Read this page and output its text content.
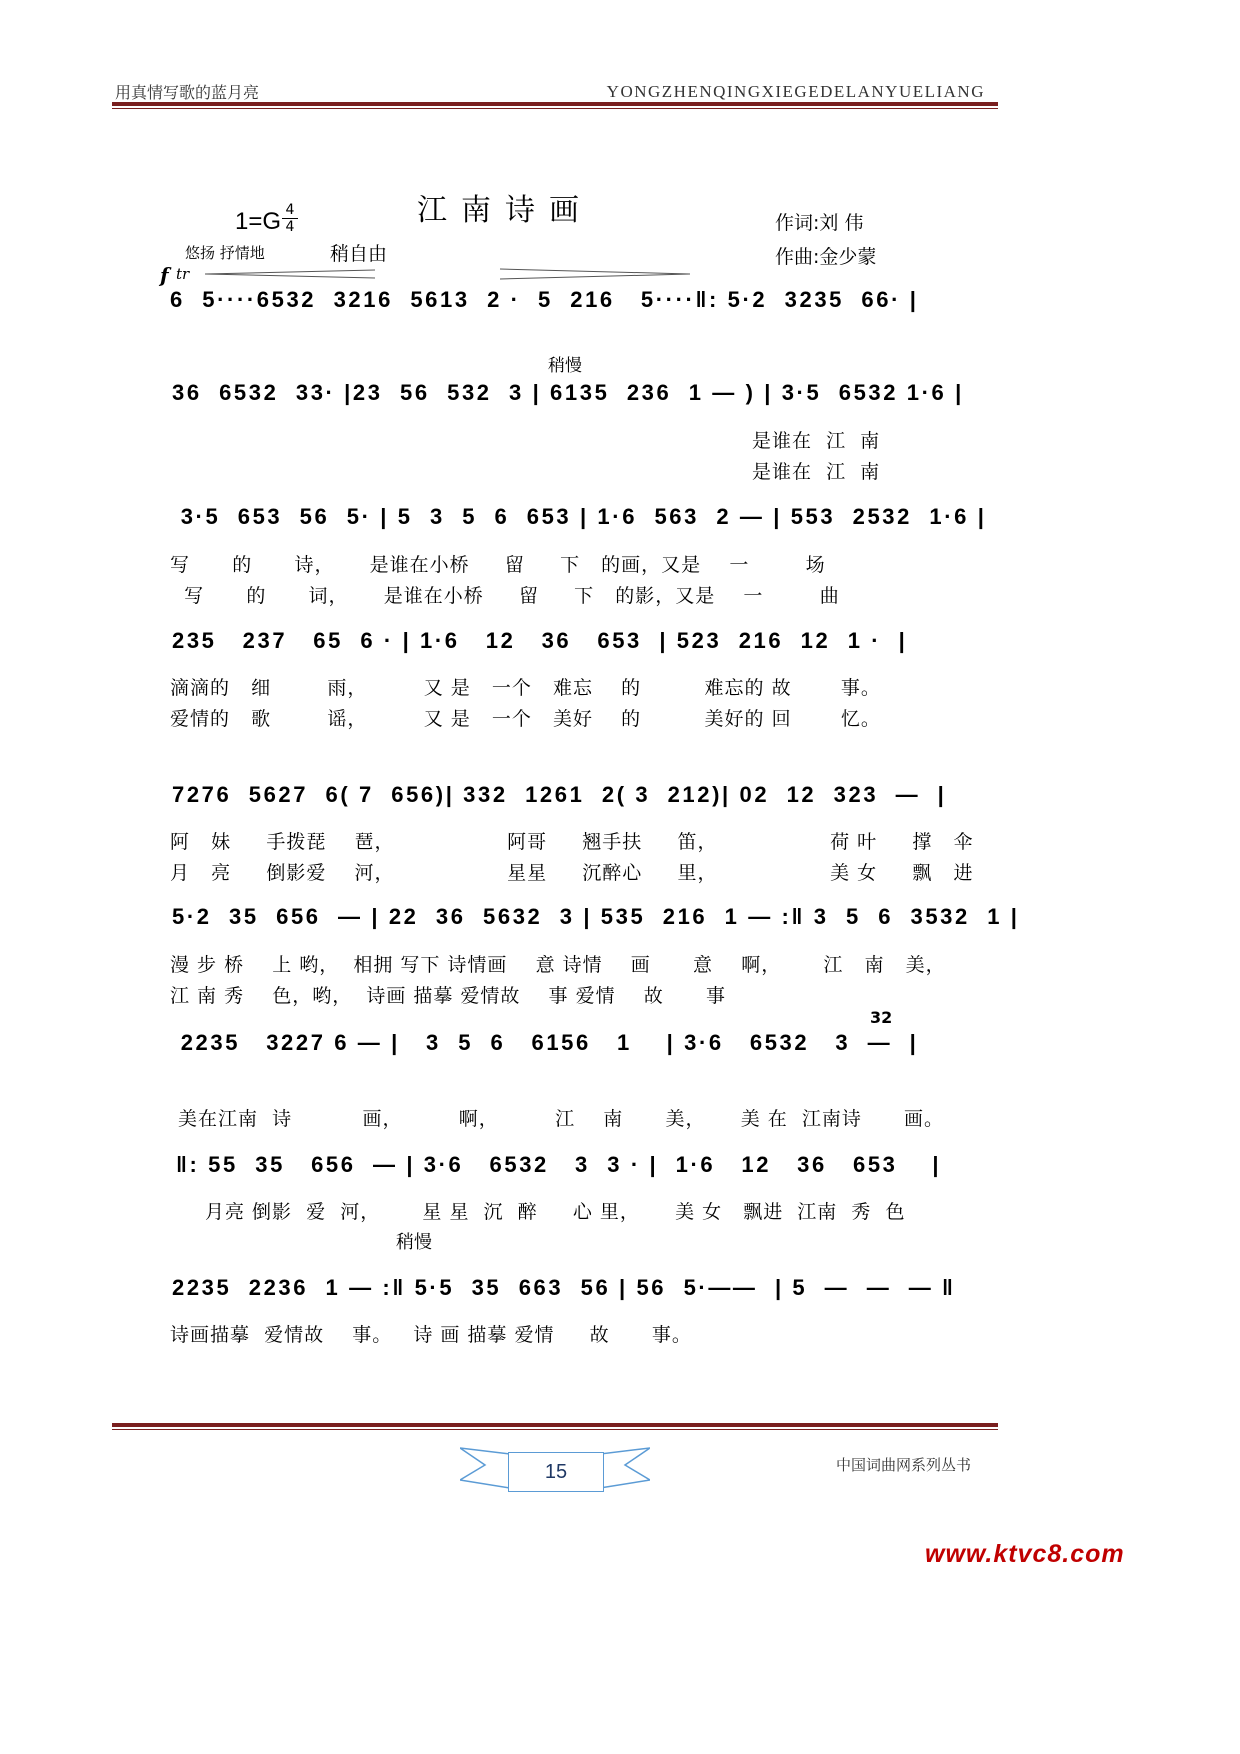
用真情写歌的蓝月亮	YONGZHENQINGXIEGEDELANYUELIANG
江南诗画
1=G 4
4	作词:刘 伟
作曲:金少蒙
悠扬 抒情地	稍自由
f tr
稍慢
稍慢
32
6  5····6532  3216  5613  2 ·  5  216   5····‖: 5·2  3235  66· |
36  6532  33· |23  56  532  3 | 6135  236  1 — ) | 3·5  6532 1·6 |
是谁在  江  南
是谁在  江  南
3·5  653  56  5· | 5  3  5  6  653 | 1·6  563  2 — | 553  2532  1·6 |
写      的      诗，     是谁在小桥     留     下   的画，又是    一        场
写      的      词，     是谁在小桥     留     下   的影，又是    一        曲
235   237   65  6 · | 1·6   12   36   653  | 523  216  12  1 ·  |
滴滴的   细        雨，        又 是   一个   难忘    的         难忘的 故       事。
爱情的   歌        谣，        又 是   一个   美好    的         美好的 回       忆。
7276  5627  6( 7  656)| 332  1261  2( 3  212)| 02  12  323  —  |
阿   妹     手拨琵    琶，                阿哥     翘手扶     笛，                荷 叶     撑   伞
月   亮     倒影爱    河，                星星     沉醉心     里，                美 女     飘   进
5·2  35  656  — | 22  36  5632  3 | 535  216  1 — :‖ 3  5  6  3532  1 |
漫 步 桥    上 哟，  相拥 写下 诗情画    意 诗情    画      意    啊，      江   南   美，
江 南 秀    色，哟，  诗画 描摹 爱情故    事 爱情    故      事
2235   3227 6 — |   3  5  6   6156   1    | 3·6   6532   3  —  |
美在江南  诗          画，        啊，        江    南      美，     美 在  江南诗      画。
‖: 55  35   656  — | 3·6   6532   3  3 · |  1·6   12   36   653    |
月亮 倒影  爱  河，      星 星  沉  醉     心 里，     美 女   飘进  江南  秀  色
2235  2236  1 — :‖ 5·5  35  663  56 | 56  5·——  | 5  —  —  — ‖
诗画描摹  爱情故    事。   诗 画 描摹 爱情     故      事。
15	中国词曲网系列丛书
www.ktvc8.com
